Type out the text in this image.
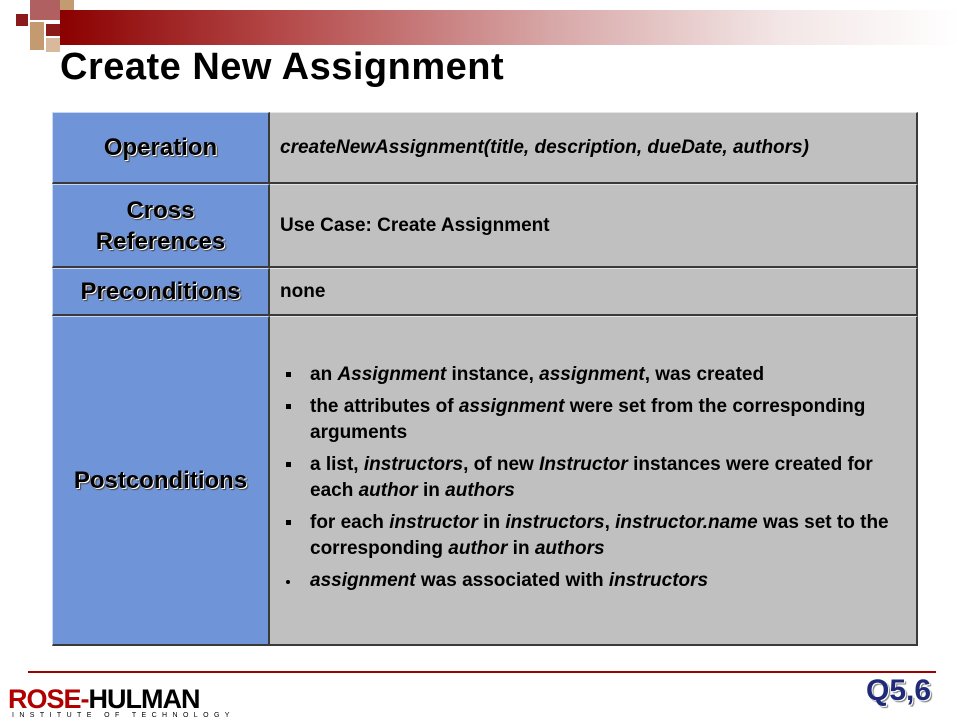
Create New Assignment
Operation	createNewAssignment(title, description, dueDate, authors)
Cross
References
Use Case: Create Assignment
Preconditions none
Postconditions
an Assignment instance, assignment, was created
the attributes of assignment were set from the corresponding arguments
a list, instructors, of new Instructor instances were created for each author in authors
for each instructor in instructors, instructor.name was set to the corresponding author in authors
assignment was associated with instructors
Q5,6
ROSE-HULMAN
INSTITUTE OF TECHNOLOGY
